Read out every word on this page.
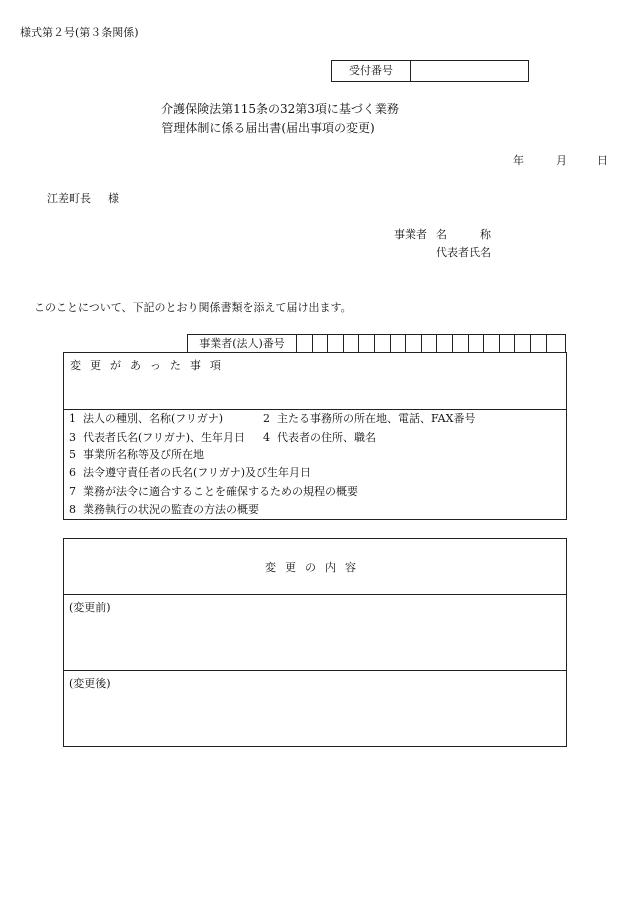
様式第２号(第３条関係)
受付番号
介護保険法第115条の32第3項に基づく業務
管理体制に係る届出書(届出事項の変更)
年	月	日
江差町長 様
事業者 名	称
代表者氏名
このことについて、下記のとおり関係書類を添えて届け出ます。
事業者(法人)番号
変更があった事項
1 法人の種別、名称(フリガナ)	2 主たる事務所の所在地、電話、FAX番号
3 代表者氏名(フリガナ)、生年月日 4 代表者の住所、職名
5 事業所名称等及び所在地
6 法令遵守責任者の氏名(フリガナ)及び生年月日
7 業務が法令に適合することを確保するための規程の概要
8 業務執行の状況の監査の方法の概要
変更の内容
(変更前)
(変更後)
